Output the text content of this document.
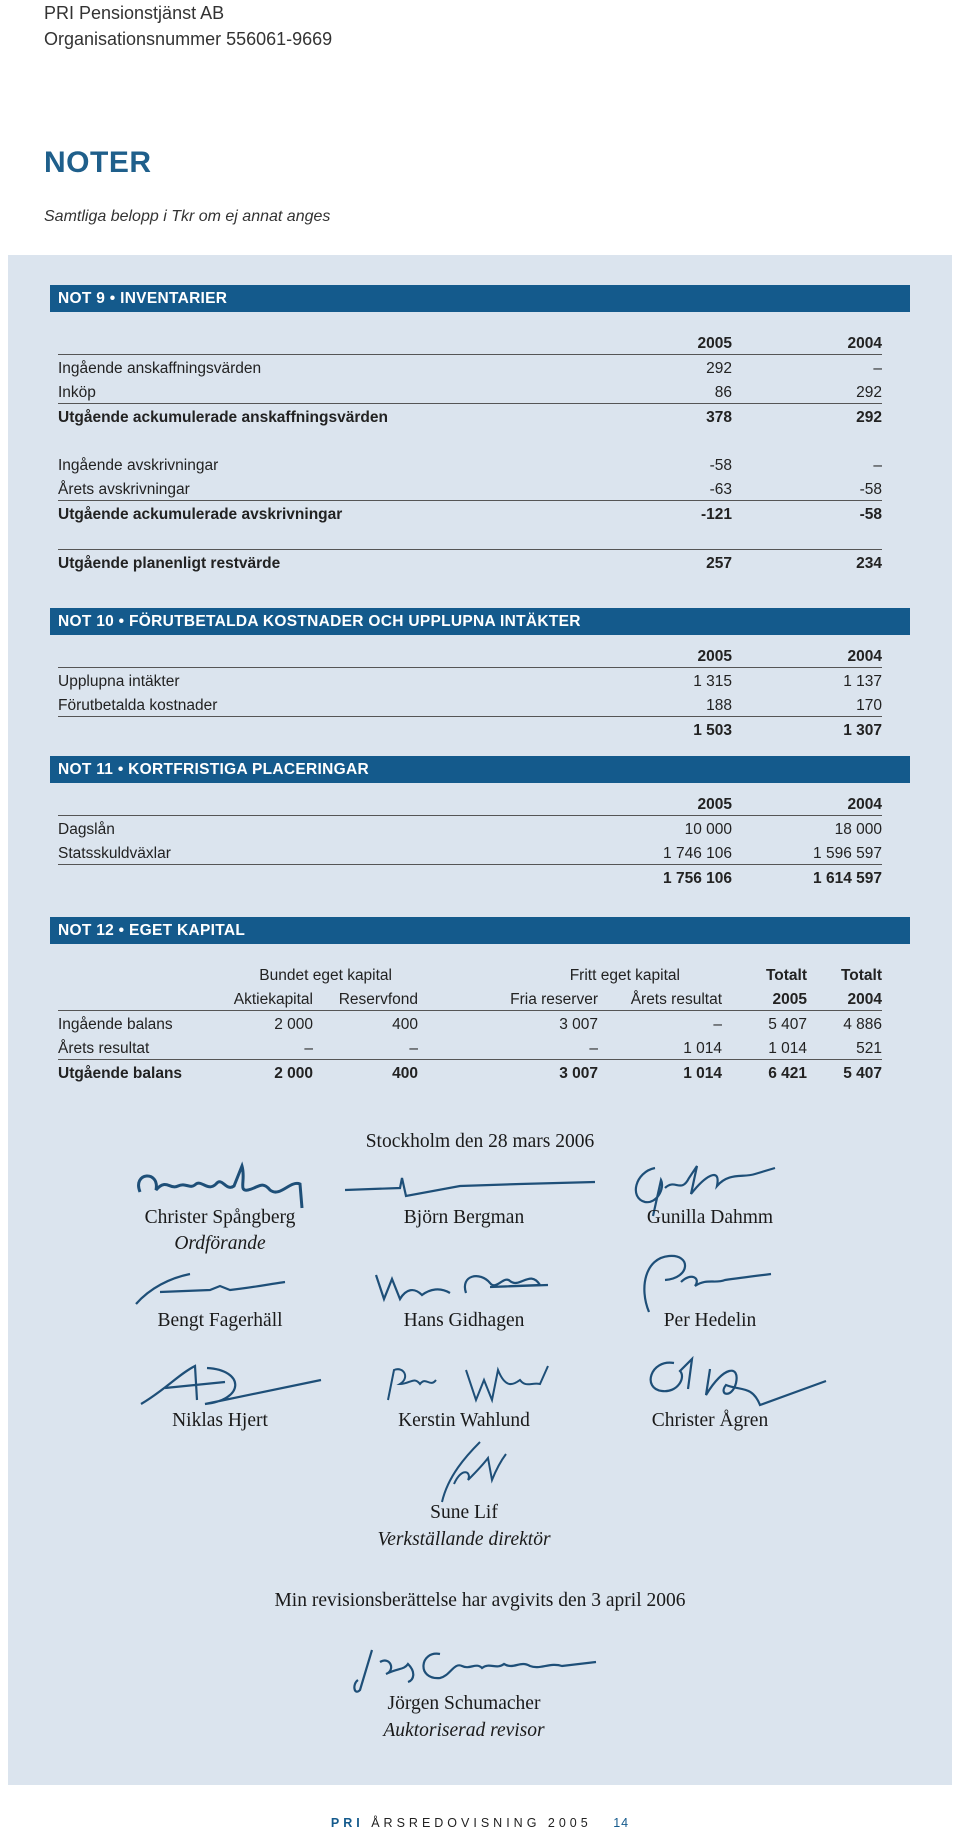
PRI Pensionstjänst AB
Organisationsnummer 556061-9669
NOTER
Samtliga belopp i Tkr om ej annat anges
NOT 9 • INVENTARIER
	2005	2004
Ingående anskaffningsvärden	292	–
Inköp	86	292
Utgående ackumulerade anskaffningsvärden	378	292

Ingående avskrivningar	-58	–
Årets avskrivningar	-63	-58
Utgående ackumulerade avskrivningar	-121	-58

Utgående planenligt restvärde	257	234
NOT 10 • FÖRUTBETALDA KOSTNADER OCH UPPLUPNA INTÄKTER
	2005	2004
Upplupna intäkter	1 315	1 137
Förutbetalda kostnader	188	170
	1 503	1 307
NOT 11 • KORTFRISTIGA PLACERINGAR
	2005	2004
Dagslån	10 000	18 000
Statsskuldväxlar	1 746 106	1 596 597
	1 756 106	1 614 597
NOT 12 • EGET KAPITAL
	Bundet eget kapital		Fritt eget kapital		Totalt	Totalt
	Aktiekapital	Reservfond	Fria reserver	Årets resultat	2005	2004
Ingående balans	2 000	400	3 007	–	5 407	4 886
Årets resultat	–	–	–	1 014	1 014	521
Utgående balans	2 000	400	3 007	1 014	6 421	5 407
Stockholm den 28 mars 2006
Christer Spångberg
Ordförande
Björn Bergman	Gunilla Dahmm
Bengt Fagerhäll	Hans Gidhagen	Per Hedelin
Niklas Hjert	Kerstin Wahlund	Christer Ågren
Sune Lif
Verkställande direktör
Min revisionsberättelse har avgivits den 3 april 2006
Jörgen Schumacher
Auktoriserad revisor
PRI ÅRSREDOVISNING 2005 14
